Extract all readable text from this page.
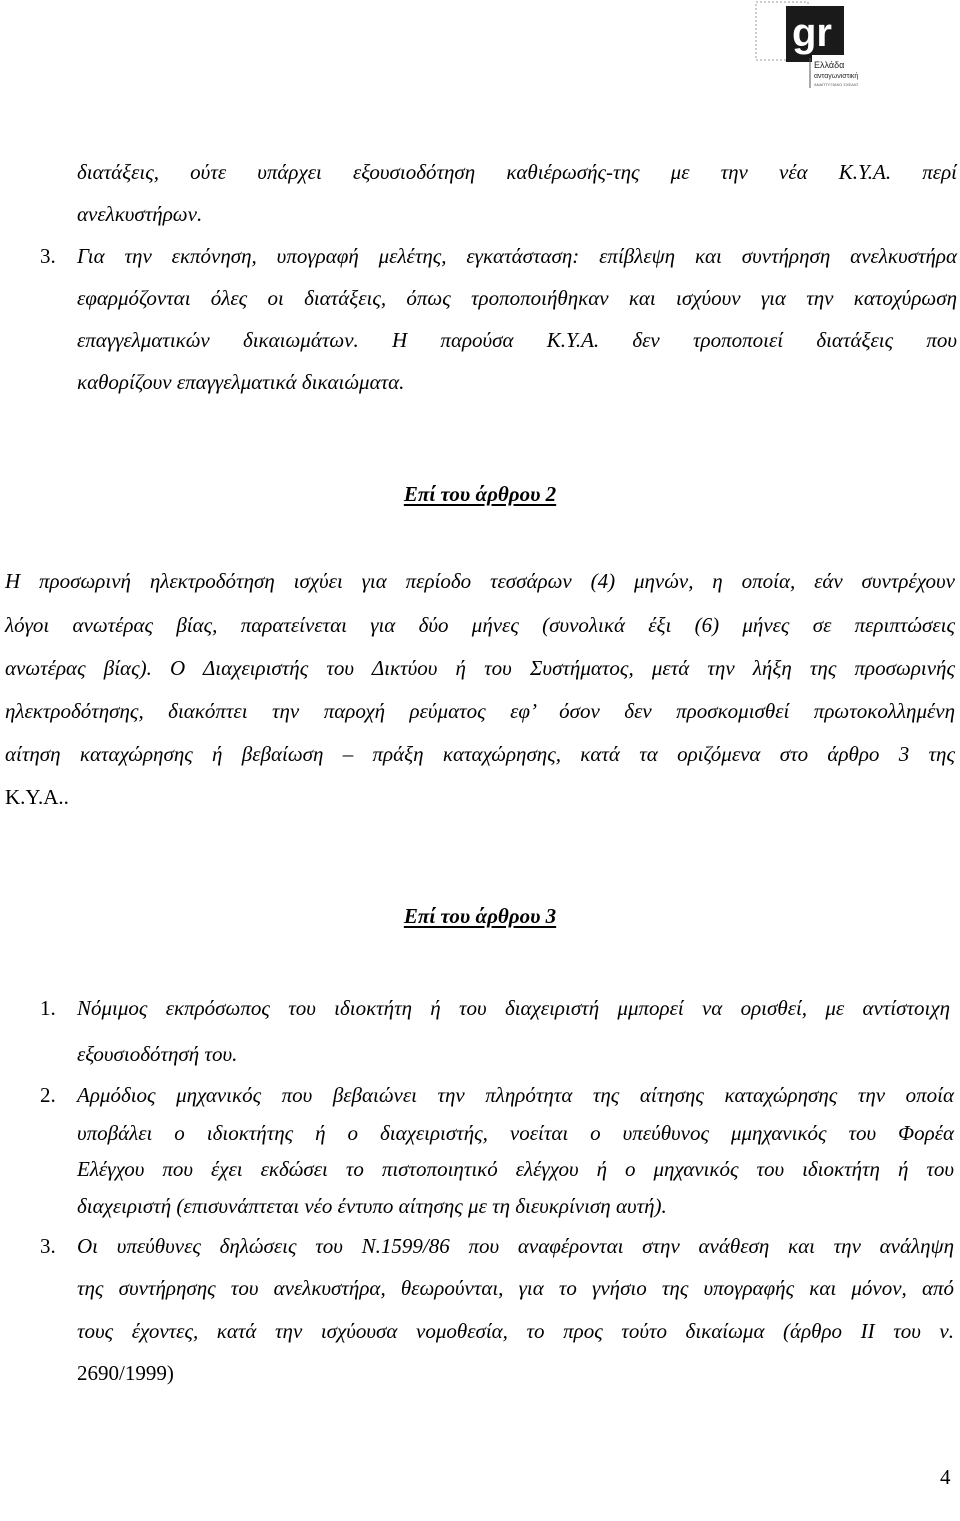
gr
Ελλάδα
ανταγωνιστική
ΑΝΑΠΤΥΞΙΑΚΟ ΣΧΕΔΙΟ
διατάξεις, ούτε υπάρχει εξουσιοδότηση καθιέρωσής-της με την νέα Κ.Υ.Α. περί
ανελκυστήρων.
3. Για την εκπόνηση, υπογραφή μελέτης, εγκατάσταση: επίβλεψη και συντήρηση ανελκυστήρα
εφαρμόζονται όλες οι διατάξεις, όπως τροποποιήθηκαν και ισχύουν για την κατοχύρωση
επαγγελματικών δικαιωμάτων. Η παρούσα Κ.Υ.Α. δεν τροποποιεί διατάξεις που
καθορίζουν επαγγελματικά δικαιώματα.
Επί του άρθρου 2
Η προσωρινή ηλεκτροδότηση ισχύει για περίοδο τεσσάρων (4) μηνών, η οποία, εάν συντρέχουν
λόγοι ανωτέρας βίας, παρατείνεται για δύο μήνες (συνολικά έξι (6) μήνες σε περιπτώσεις
ανωτέρας βίας). Ο Διαχειριστής του Δικτύου ή του Συστήματος, μετά την λήξη της προσωρινής
ηλεκτροδότησης, διακόπτει την παροχή ρεύματος εφ’ όσον δεν προσκομισθεί πρωτοκολλημένη
αίτηση καταχώρησης ή βεβαίωση – πράξη καταχώρησης, κατά τα οριζόμενα στο άρθρο 3 της
Κ.Υ.Α..
Επί του άρθρου 3
1. Νόμιμος εκπρόσωπος του ιδιοκτήτη ή του διαχειριστή μμπορεί να ορισθεί, με αντίστοιχη
εξουσιοδότησή του.
2. Αρμόδιος μηχανικός που βεβαιώνει την πληρότητα της αίτησης καταχώρησης την οποία
υποβάλει ο ιδιοκτήτης ή ο διαχειριστής, νοείται ο υπεύθυνος μμηχανικός του Φορέα
Ελέγχου που έχει εκδώσει το πιστοποιητικό ελέγχου ή ο μηχανικός του ιδιοκτήτη ή του
διαχειριστή (επισυνάπτεται νέο έντυπο αίτησης με τη διευκρίνιση αυτή).
3. Οι υπεύθυνες δηλώσεις του Ν.1599/86 που αναφέρονται στην ανάθεση και την ανάληψη
της συντήρησης του ανελκυστήρα, θεωρούνται, για το γνήσιο της υπογραφής και μόνον, από
τους έχοντες, κατά την ισχύουσα νομοθεσία, το προς τούτο δικαίωμα (άρθρο ΙΙ του ν.
2690/1999)
4
